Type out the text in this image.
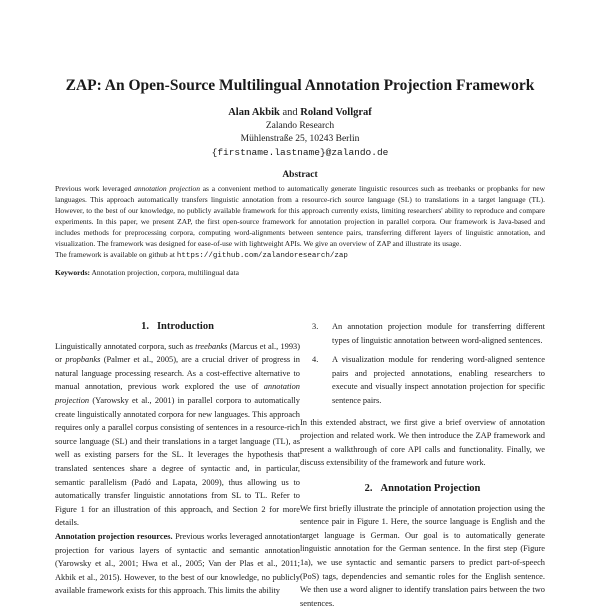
ZAP: An Open-Source Multilingual Annotation Projection Framework
Alan Akbik and Roland Vollgraf
Zalando Research
Mühlenstraße 25, 10243 Berlin
{firstname.lastname}@zalando.de
Abstract
Previous work leveraged annotation projection as a convenient method to automatically generate linguistic resources such as treebanks or propbanks for new languages. This approach automatically transfers linguistic annotation from a resource-rich source language (SL) to translations in a target language (TL). However, to the best of our knowledge, no publicly available framework for this approach currently exists, limiting researchers' ability to reproduce and compare experiments. In this paper, we present ZAP, the first open-source framework for annotation projection in parallel corpora. Our framework is Java-based and includes methods for preprocessing corpora, computing word-alignments between sentence pairs, transferring different layers of linguistic annotation, and visualization. The framework was designed for ease-of-use with lightweight APIs. We give an overview of ZAP and illustrate its usage.
The framework is available on github at https://github.com/zalandoresearch/zap
Keywords: Annotation projection, corpora, multilingual data
1. Introduction

Linguistically annotated corpora, such as treebanks (Marcus et al., 1993) or propbanks (Palmer et al., 2005), are a crucial driver of progress in natural language processing research. As a cost-effective alternative to manual annotation, previous work explored the use of annotation projection (Yarowsky et al., 2001) in parallel corpora to automatically create linguistically annotated corpora for new languages. This approach requires only a parallel corpus consisting of sentences in a resource-rich source language (SL) and their translations in a target language (TL), as well as existing parsers for the SL. It leverages the hypothesis that translated sentences share a degree of syntactic and, in particular, semantic parallelism (Padó and Lapata, 2009), thus allowing us to automatically transfer linguistic annotations from SL to TL. Refer to Figure 1 for an illustration of this approach, and Section 2 for more details.

Annotation projection resources. Previous works leveraged annotation projection for various layers of syntactic and semantic annotation (Yarowsky et al., 2001; Hwa et al., 2005; Van der Plas et al., 2011; Akbik et al., 2015). However, to the best of our knowledge, no publicly available framework exists for this approach. This limits the ability

3. An annotation projection module for transferring different types of linguistic annotation between word-aligned sentences.
4. A visualization module for rendering word-aligned sentence pairs and projected annotations, enabling researchers to execute and visually inspect annotation projection for specific sentence pairs.

In this extended abstract, we first give a brief overview of annotation projection and related work. We then introduce the ZAP framework and present a walkthrough of core API calls and functionality. Finally, we discuss extensibility of the framework and future work.

2. Annotation Projection

We first briefly illustrate the principle of annotation projection using the sentence pair in Figure 1. Here, the source language is English and the target language is German. Our goal is to automatically generate linguistic annotation for the German sentence. In the first step (Figure 1a), we use syntactic and semantic parsers to predict part-of-speech (PoS) tags, dependencies and semantic roles for the English sentence. We then use a word aligner to identify translation pairs between the two sentences.
